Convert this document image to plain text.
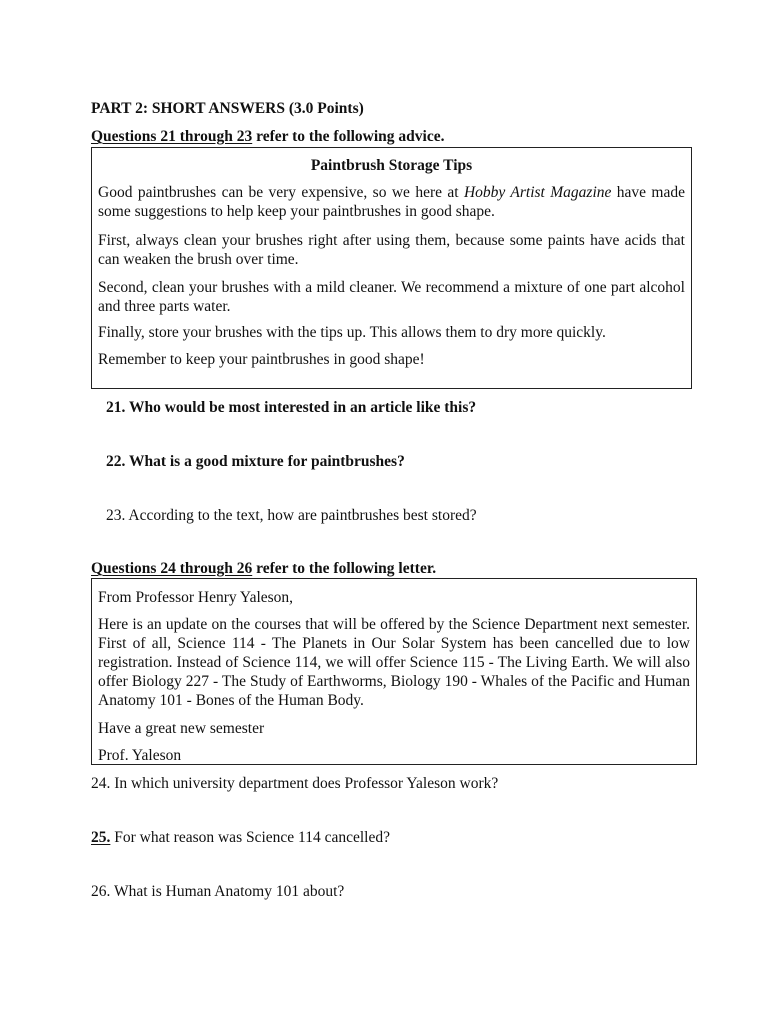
PART 2: SHORT ANSWERS (3.0 Points)
Questions 21 through 23 refer to the following advice.
Paintbrush Storage Tips
Good paintbrushes can be very expensive, so we here at Hobby Artist Magazine have made some suggestions to help keep your paintbrushes in good shape.
First, always clean your brushes right after using them, because some paints have acids that can weaken the brush over time.
Second, clean your brushes with a mild cleaner. We recommend a mixture of one part alcohol and three parts water.
Finally, store your brushes with the tips up. This allows them to dry more quickly.
Remember to keep your paintbrushes in good shape!
21. Who would be most interested in an article like this?
22. What is a good mixture for paintbrushes?
23. According to the text, how are paintbrushes best stored?
Questions 24 through 26 refer to the following letter.
From Professor Henry Yaleson,
Here is an update on the courses that will be offered by the Science Department next semester. First of all, Science 114 - The Planets in Our Solar System has been cancelled due to low registration. Instead of Science 114, we will offer Science 115 - The Living Earth. We will also offer Biology 227 - The Study of Earthworms, Biology 190 - Whales of the Pacific and Human Anatomy 101 - Bones of the Human Body.
Have a great new semester
Prof. Yaleson
24. In which university department does Professor Yaleson work?
25. For what reason was Science 114 cancelled?
26. What is Human Anatomy 101 about?
